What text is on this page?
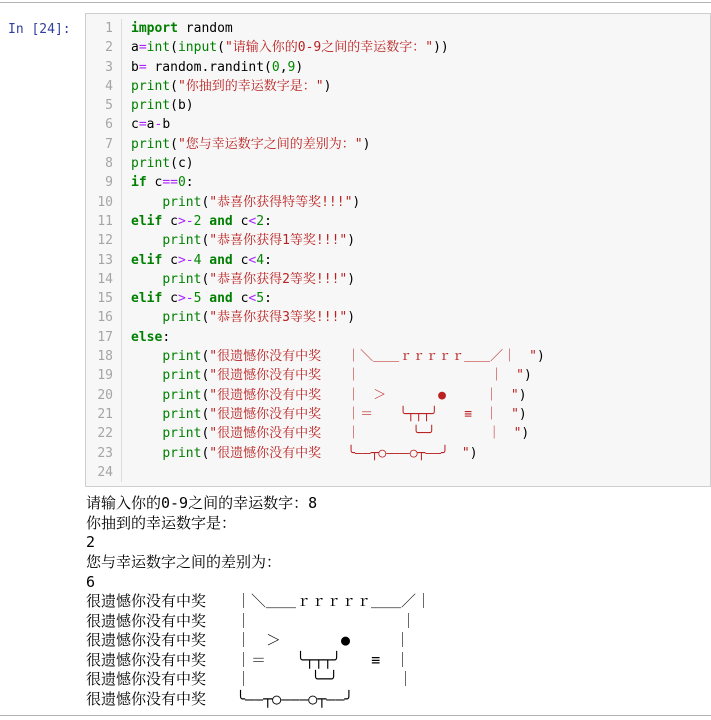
In [24]:	1
2
3
4
5
6
7
8
9
10
11
12
13
14
15
16
17
18
19
20
21
22
23
24
import random
a=int(input("请输入你的0-9之间的幸运数字："))
b= random.randint(0,9)
print("你抽到的幸运数字是：")
print(b)
c=a-b
print("您与幸运数字之间的差别为：")
print(c)
if c==0:
print("恭喜你获得特等奖!!!")
elif c>-2 and c<2:
print("恭喜你获得1等奖!!!")
elif c>-4 and c<4:
print("恭喜你获得2等奖!!!")
elif c>-5 and c<5:
print("恭喜你获得3等奖!!!")
else:
print("很遗憾你没有中奖　　｜＼＿＿ｒｒｒｒｒ＿＿／｜　")
print("很遗憾你没有中奖　　｜　　　　　　　　　　｜　")
print("很遗憾你没有中奖　　｜　＞　　　　●　　　｜　")
print("很遗憾你没有中奖　　｜＝　　╰┬┬┬╯　　≡　｜　")
print("很遗憾你没有中奖　　｜　　　　╰─╯　　　　｜　")
print("很遗憾你没有中奖　　╰——┬○———○┬——╯　")

请输入你的0-9之间的幸运数字：8
你抽到的幸运数字是：
2
您与幸运数字之间的差别为：
6
很遗憾你没有中奖　　｜＼＿＿ｒｒｒｒｒ＿＿／｜
很遗憾你没有中奖　　｜　　　　　　　　　　｜
很遗憾你没有中奖　　｜　＞　　　　●　　　｜
很遗憾你没有中奖　　｜＝　　╰┬┬┬╯　　≡　｜
很遗憾你没有中奖　　｜　　　　╰─╯　　　　｜
很遗憾你没有中奖　　╰——┬○———○┬——╯
